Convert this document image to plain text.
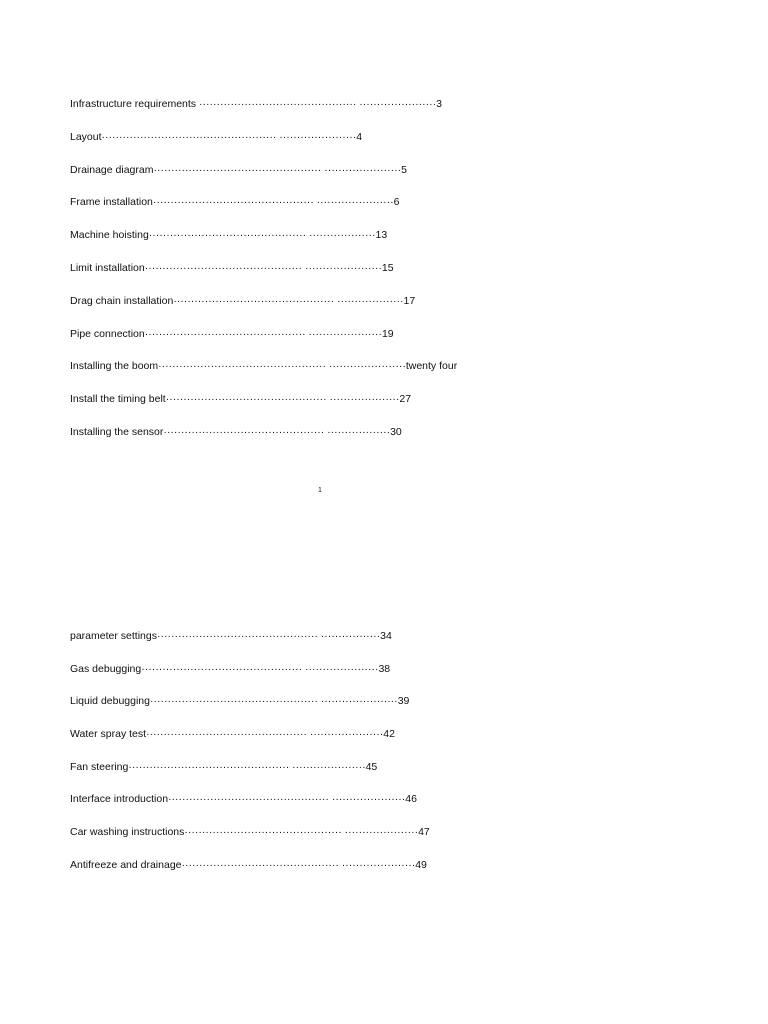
Infrastructure requirements ············································· ······················3
Layout·················································· ······················4
Drainage diagram················································ ······················5
Frame installation·············································· ······················6
Machine hoisting············································· ···················13
Limit installation············································· ······················15
Drag chain installation·············································· ···················17
Pipe connection·············································· ·····················19
Installing the boom················································ ······················twenty four
Install the timing belt·············································· ····················27
Installing the sensor·············································· ··················30
1
parameter settings·············································· ·················34
Gas debugging·············································· ·····················38
Liquid debugging················································ ······················39
Water spray test·············································· ·····················42
Fan steering·············································· ·····················45
Interface introduction·············································· ·····················46
Car washing instructions············································· ·····················47
Antifreeze and drainage············································· ·····················49
